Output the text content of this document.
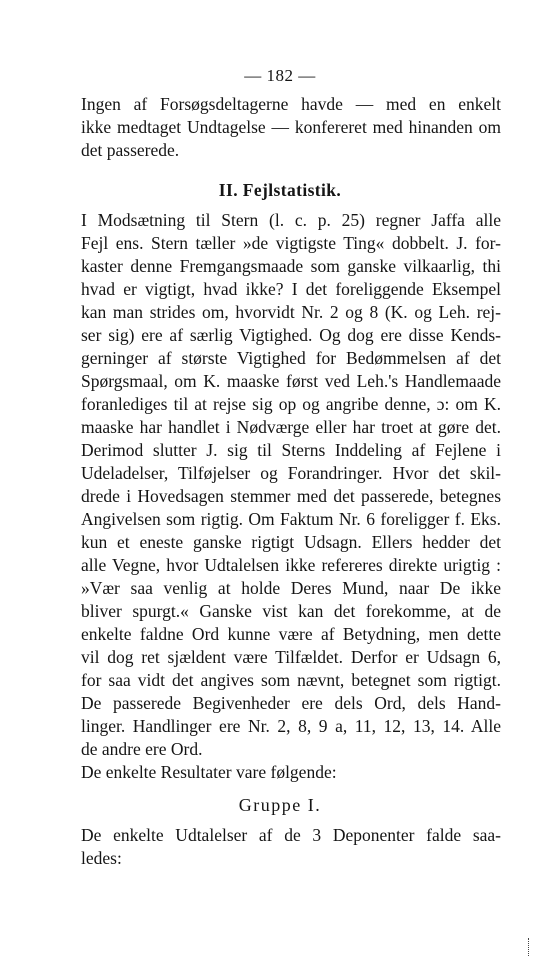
— 182 —
Ingen af Forsøgsdeltagerne havde — med en enkelt
ikke medtaget Undtagelse — konfereret med hinanden om
det passerede.
II. Fejlstatistik.
I Modsætning til Stern (l. c. p. 25) regner Jaffa alle
Fejl ens. Stern tæller »de vigtigste Ting« dobbelt. J. for-
kaster denne Fremgangsmaade som ganske vilkaarlig, thi
hvad er vigtigt, hvad ikke? I det foreliggende Eksempel
kan man strides om, hvorvidt Nr. 2 og 8 (K. og Leh. rej-
ser sig) ere af særlig Vigtighed. Og dog ere disse Kends-
gerninger af største Vigtighed for Bedømmelsen af det
Spørgsmaal, om K. maaske først ved Leh.'s Handlemaade
foranlediges til at rejse sig op og angribe denne, ɔ: om K.
maaske har handlet i Nødværge eller har troet at gøre det.
Derimod slutter J. sig til Sterns Inddeling af Fejlene i
Udeladelser, Tilføjelser og Forandringer. Hvor det skil-
drede i Hovedsagen stemmer med det passerede, betegnes
Angivelsen som rigtig. Om Faktum Nr. 6 foreligger f. Eks.
kun et eneste ganske rigtigt Udsagn. Ellers hedder det
alle Vegne, hvor Udtalelsen ikke refereres direkte urigtig :
»Vær saa venlig at holde Deres Mund, naar De ikke
bliver spurgt.« Ganske vist kan det forekomme, at de
enkelte faldne Ord kunne være af Betydning, men dette
vil dog ret sjældent være Tilfældet. Derfor er Udsagn 6,
for saa vidt det angives som nævnt, betegnet som rigtigt.
De passerede Begivenheder ere dels Ord, dels Hand-
linger. Handlinger ere Nr. 2, 8, 9 a, 11, 12, 13, 14. Alle
de andre ere Ord.
De enkelte Resultater vare følgende:
Gruppe I.
De enkelte Udtalelser af de 3 Deponenter falde saa-
ledes:
